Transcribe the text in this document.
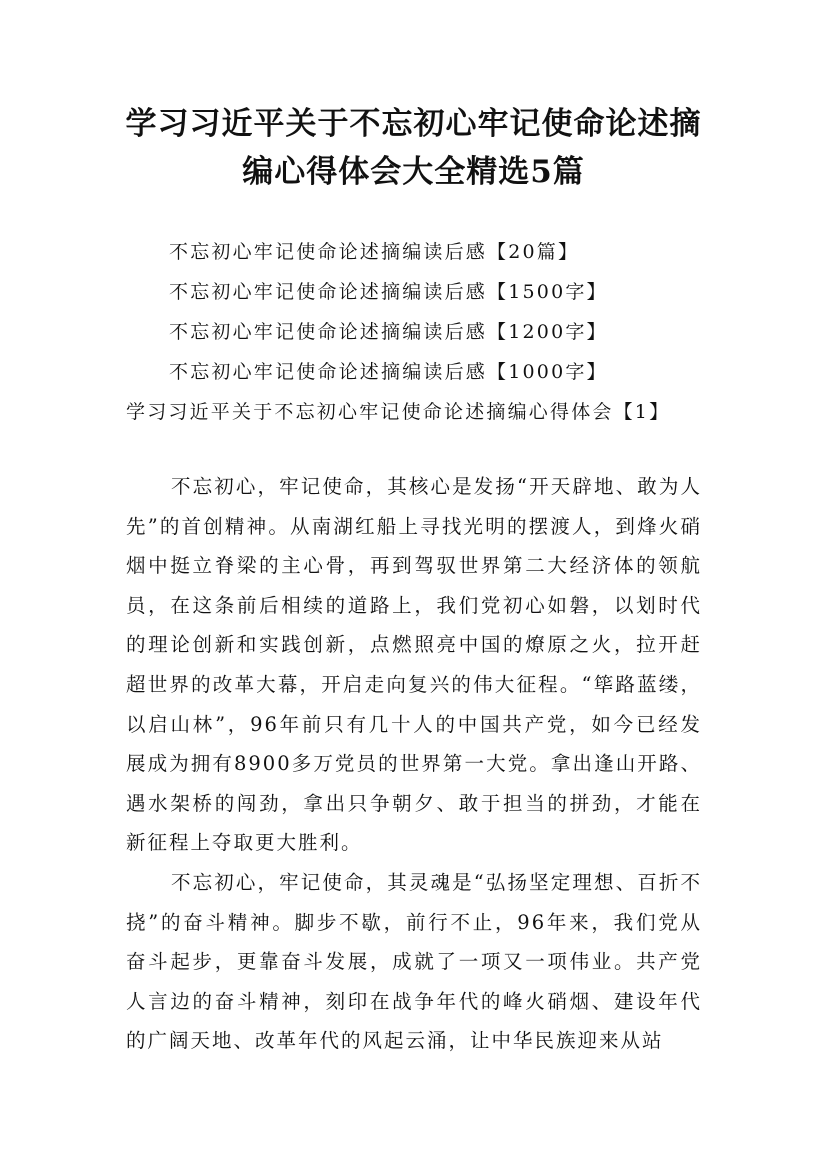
学习习近平关于不忘初心牢记使命论述摘
编心得体会大全精选5篇
不忘初心牢记使命论述摘编读后感【20篇】
不忘初心牢记使命论述摘编读后感【1500字】
不忘初心牢记使命论述摘编读后感【1200字】
不忘初心牢记使命论述摘编读后感【1000字】
学习习近平关于不忘初心牢记使命论述摘编心得体会【1】

不忘初心，牢记使命，其核心是发扬“开天辟地、敢为人先”的首创精神。从南湖红船上寻找光明的摆渡人，到烽火硝烟中挺立脊梁的主心骨，再到驾驭世界第二大经济体的领航员，在这条前后相续的道路上，我们党初心如磐，以划时代的理论创新和实践创新，点燃照亮中国的燎原之火，拉开赶超世界的改革大幕，开启走向复兴的伟大征程。“筚路蓝缕，以启山林”，96年前只有几十人的中国共产党，如今已经发展成为拥有8900多万党员的世界第一大党。拿出逢山开路、遇水架桥的闯劲，拿出只争朝夕、敢于担当的拼劲，才能在新征程上夺取更大胜利。

不忘初心，牢记使命，其灵魂是“弘扬坚定理想、百折不挠”的奋斗精神。脚步不歇，前行不止，96年来，我们党从奋斗起步，更靠奋斗发展，成就了一项又一项伟业。共产党人言边的奋斗精神，刻印在战争年代的峰火硝烟、建设年代的广阔天地、改革年代的风起云涌，让中华民族迎来从站
